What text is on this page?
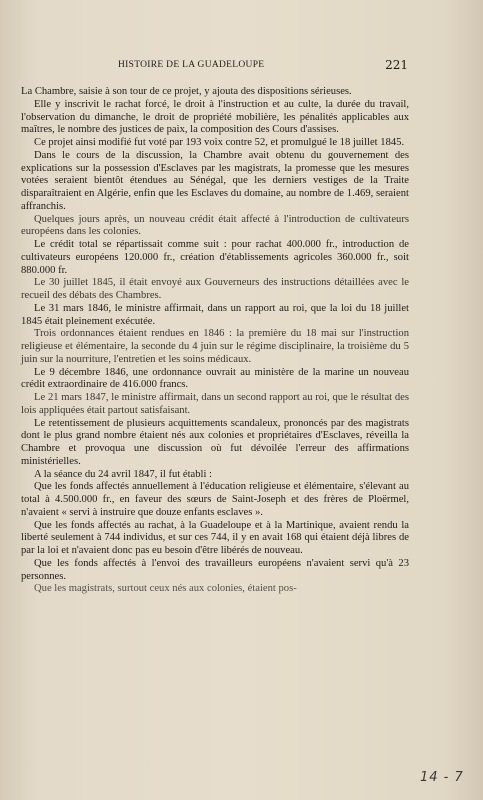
HISTOIRE DE LA GUADELOUPE	221

La Chambre, saisie à son tour de ce projet, y ajouta des dispositions sérieuses.

Elle y inscrivit le rachat forcé, le droit à l'instruction et au culte, la durée du travail, l'observation du dimanche, le droit de propriété mobilière, les pénalités applicables aux maîtres, le nombre des justices de paix, la composition des Cours d'assises.

Ce projet ainsi modifié fut voté par 193 voix contre 52, et promulgué le 18 juillet 1845.

Dans le cours de la discussion, la Chambre avait obtenu du gouvernement des explications sur la possession d'Esclaves par les magistrats, la promesse que les mesures votées seraient bientôt étendues au Sénégal, que les derniers vestiges de la Traite disparaîtraient en Algérie, enfin que les Esclaves du domaine, au nombre de 1.469, seraient affranchis.

Quelques jours après, un nouveau crédit était affecté à l'introduction de cultivateurs européens dans les colonies.

Le crédit total se répartissait comme suit : pour rachat 400.000 fr., introduction de cultivateurs européens 120.000 fr., création d'établissements agricoles 360.000 fr., soit 880.000 fr.

Le 30 juillet 1845, il était envoyé aux Gouverneurs des instructions détaillées avec le recueil des débats des Chambres.

Le 31 mars 1846, le ministre affirmait, dans un rapport au roi, que la loi du 18 juillet 1845 était pleinement exécutée.

Trois ordonnances étaient rendues en 1846 : la première du 18 mai sur l'instruction religieuse et élémentaire, la seconde du 4 juin sur le régime disciplinaire, la troisième du 5 juin sur la nourriture, l'entretien et les soins médicaux.

Le 9 décembre 1846, une ordonnance ouvrait au ministère de la marine un nouveau crédit extraordinaire de 416.000 francs.

Le 21 mars 1847, le ministre affirmait, dans un second rapport au roi, que le résultat des lois appliquées était partout satisfaisant.

Le retentissement de plusieurs acquittements scandaleux, prononcés par des magistrats dont le plus grand nombre étaient nés aux colonies et propriétaires d'Esclaves, réveilla la Chambre et provoqua une discussion où fut dévoilée l'erreur des affirmations ministérielles.

A la séance du 24 avril 1847, il fut établi :

Que les fonds affectés annuellement à l'éducation religieuse et élémentaire, s'élevant au total à 4.500.000 fr., en faveur des sœurs de Saint-Joseph et des frères de Ploërmel, n'avaient « servi à instruire que douze enfants esclaves ».

Que les fonds affectés au rachat, à la Guadeloupe et à la Martinique, avaient rendu la liberté seulement à 744 individus, et sur ces 744, il y en avait 168 qui étaient déjà libres de par la loi et n'avaient donc pas eu besoin d'être libérés de nouveau.

Que les fonds affectés à l'envoi des travailleurs européens n'avaient servi qu'à 23 personnes.

Que les magistrats, surtout ceux nés aux colonies, étaient pos-

14 - 7
